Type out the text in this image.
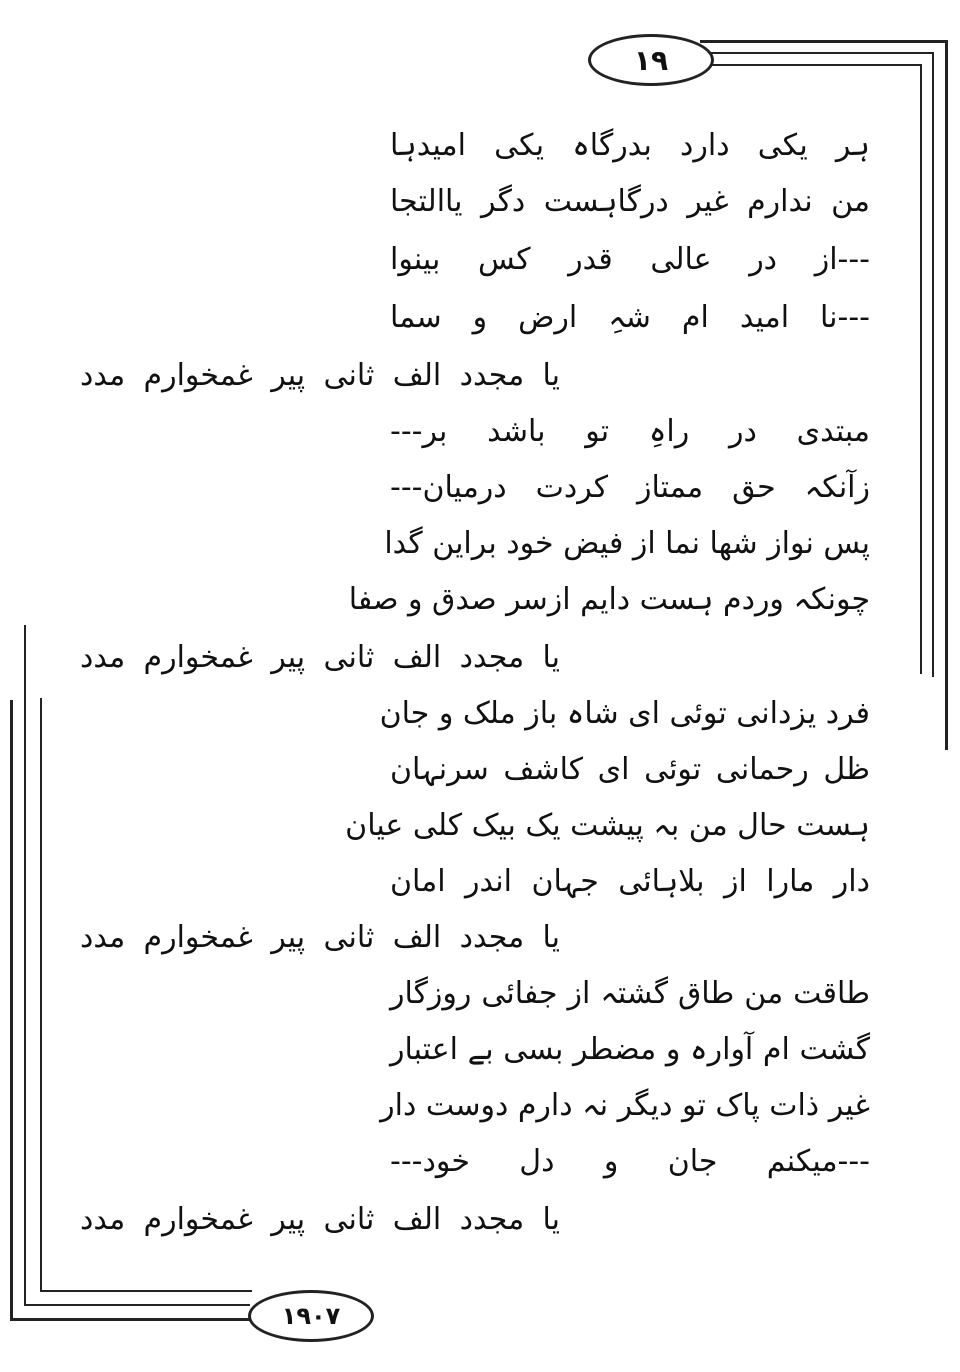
۱۹
۱۹۰۷
ہر یکی دارد بدرگاہ یکی امیدہا
من ندارم غیر درگاہست دگر یاالتجا
---از در عالی قدر کس بینوا
---نا امید ام شہِ ارض و سما
یا مجدد الف ثانی پیر غمخوارم مدد
مبتدی در راہِ تو باشد بر---
زآنکہ حق ممتاز کردت درمیان---
پس نواز شھا نما از فیض خود براین گدا
چونکہ وردم ہست دایم ازسر صدق و صفا
یا مجدد الف ثانی پیر غمخوارم مدد
فرد یزدانی توئی ای شاہ باز ملک و جان
ظل رحمانی توئی ای کاشف سرنہان
ہست حال من بہ پیشت یک بیک کلی عیان
دار مارا از بلاہائی جہان اندر امان
یا مجدد الف ثانی پیر غمخوارم مدد
طاقت من طاق گشتہ از جفائی روزگار
گشت ام آوارہ و مضطر بسی بے اعتبار
غیر ذات پاک تو دیگر نہ دارم دوست دار
---میکنم جان و دل خود---
یا مجدد الف ثانی پیر غمخوارم مدد
